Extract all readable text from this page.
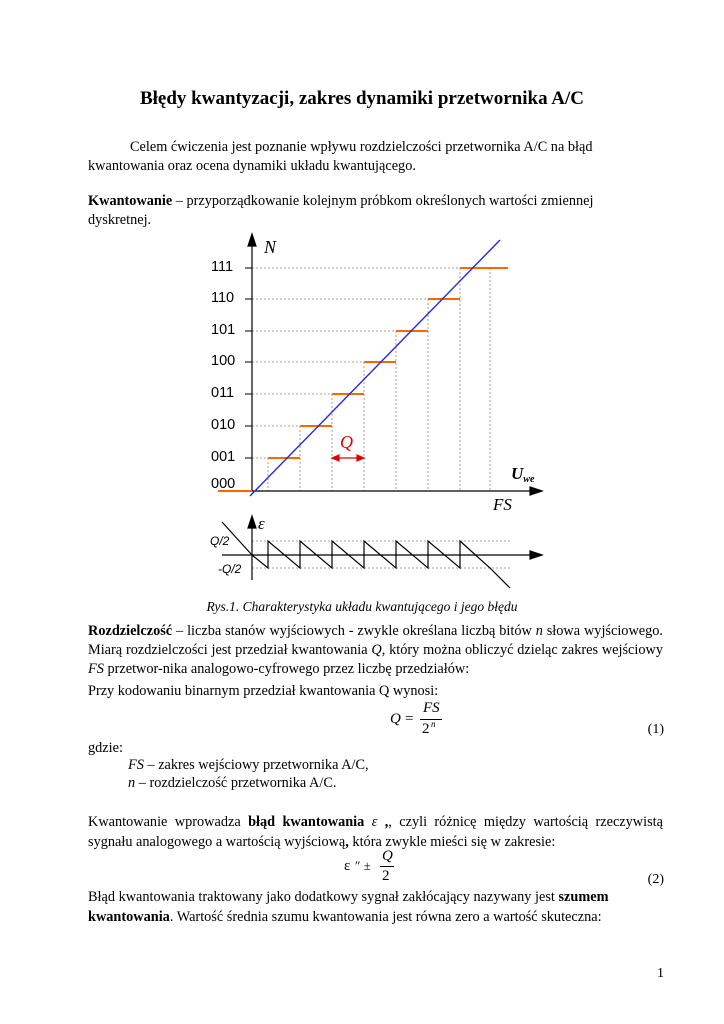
Błędy kwantyzacji, zakres dynamiki przetwornika A/C
Celem ćwiczenia jest poznanie wpływu rozdzielczości przetwornika A/C na błąd kwantowania oraz ocena dynamiki układu kwantującego.
Kwantowanie – przyporządkowanie kolejnym próbkom określonych wartości zmiennej dyskretnej.
Q
111
110
101
100
011
010
001
000
N
Uwe
FS
ε
Q/2
-Q/2
Rys.1. Charakterystyka układu kwantującego i jego błędu
Rozdzielczość – liczba stanów wyjściowych - zwykle określana liczbą bitów n słowa wyjściowego. Miarą rozdzielczości jest przedział kwantowania Q, który można obliczyć dzieląc zakres wejściowy FS przetwor-nika analogowo-cyfrowego przez liczbę przedziałów:
Przy kodowaniu binarnym przedział kwantowania Q wynosi:
Q =
FS
2 n	(1)
gdzie:
FS – zakres wejściowy przetwornika A/C,
n – rozdzielczość przetwornika A/C.
Kwantowanie wprowadza błąd kwantowania ε ,, czyli różnicę między wartością rzeczywistą sygnału analogowego a wartością wyjściową, która zwykle mieści się w zakresie:
ε ″ ±
Q
2	(2)
Błąd kwantowania traktowany jako dodatkowy sygnał zakłócający nazywany jest szumem
kwantowania. Wartość średnia szumu kwantowania jest równa zero a wartość skuteczna:
1
